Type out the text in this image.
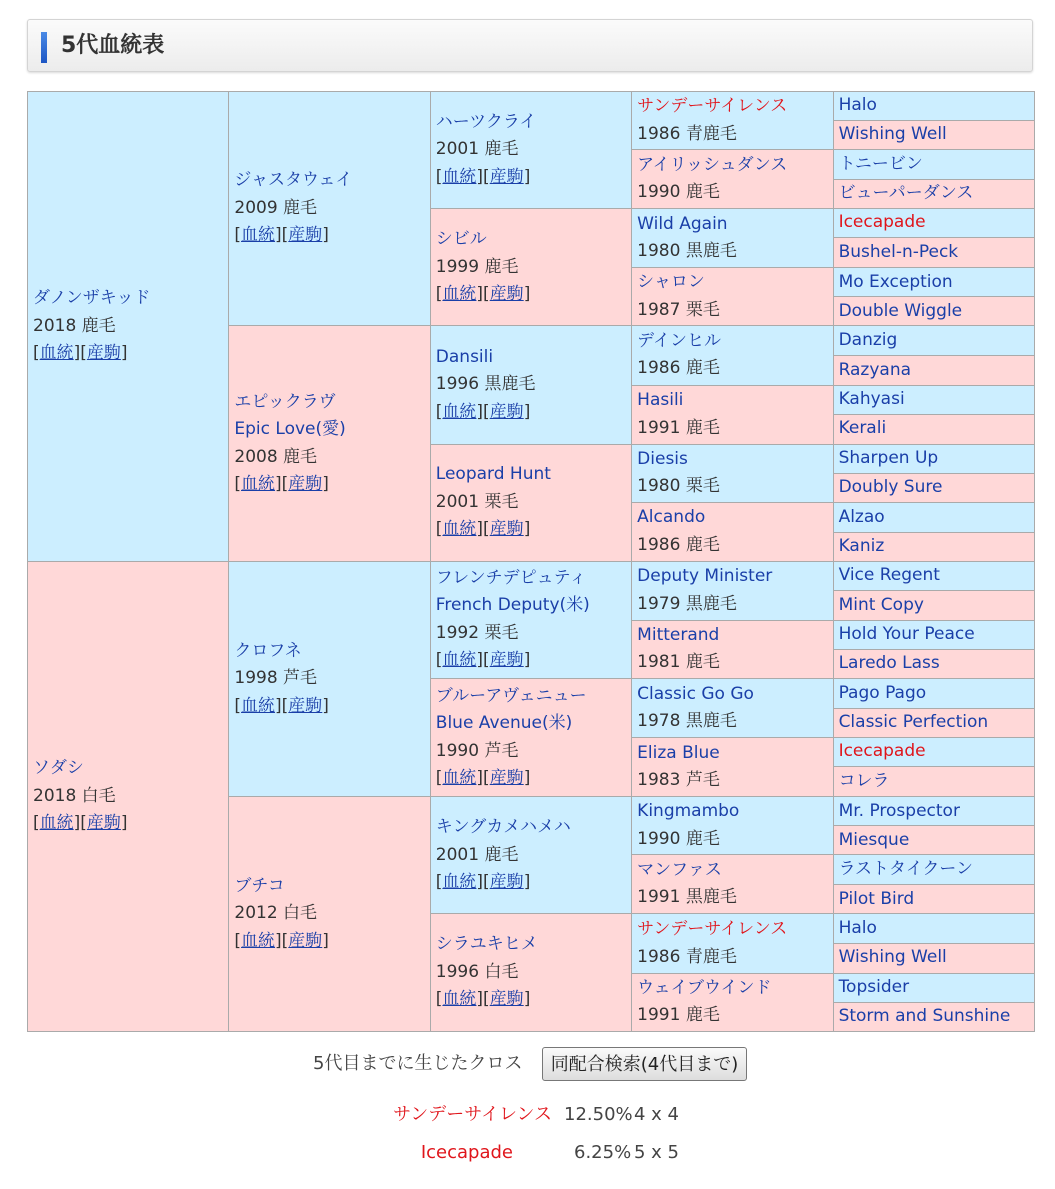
5代血統表
ダノンザキッド
2018 鹿毛
[血統][産駒]	ジャスタウェイ
2009 鹿毛
[血統][産駒]	ハーツクライ
2001 鹿毛
[血統][産駒]	サンデーサイレンス
1986 青鹿毛	Halo

				Wishing Well

			アイリッシュダンス
1990 鹿毛	トニービン

				ビューパーダンス

		シビル
1999 鹿毛
[血統][産駒]	Wild Again
1980 黒鹿毛	Icecapade

				Bushel-n-Peck

			シャロン
1987 栗毛	Mo Exception

				Double Wiggle

	エピックラヴ
Epic Love(愛)
2008 鹿毛
[血統][産駒]	Dansili
1996 黒鹿毛
[血統][産駒]	デインヒル
1986 鹿毛	Danzig

				Razyana

			Hasili
1991 鹿毛	Kahyasi

				Kerali

		Leopard Hunt
2001 栗毛
[血統][産駒]	Diesis
1980 栗毛	Sharpen Up

				Doubly Sure

			Alcando
1986 鹿毛	Alzao

				Kaniz

ソダシ
2018 白毛
[血統][産駒]	クロフネ
1998 芦毛
[血統][産駒]	フレンチデピュティ
French Deputy(米)
1992 栗毛
[血統][産駒]	Deputy Minister
1979 黒鹿毛	Vice Regent

				Mint Copy

			Mitterand
1981 鹿毛	Hold Your Peace

				Laredo Lass

		ブルーアヴェニュー
Blue Avenue(米)
1990 芦毛
[血統][産駒]	Classic Go Go
1978 黒鹿毛	Pago Pago

				Classic Perfection

			Eliza Blue
1983 芦毛	Icecapade

				コレラ

	ブチコ
2012 白毛
[血統][産駒]	キングカメハメハ
2001 鹿毛
[血統][産駒]	Kingmambo
1990 鹿毛	Mr. Prospector

				Miesque

			マンファス
1991 黒鹿毛	ラストタイクーン

				Pilot Bird

		シラユキヒメ
1996 白毛
[血統][産駒]	サンデーサイレンス
1986 青鹿毛	Halo

				Wishing Well

			ウェイブウインド
1991 鹿毛	Topsider

				Storm and Sunshine
5代目までに生じたクロス	同配合検索(4代目まで)
サンデーサイレンス 12.50% 4 x 4
Icecapade	6.25% 5 x 5
